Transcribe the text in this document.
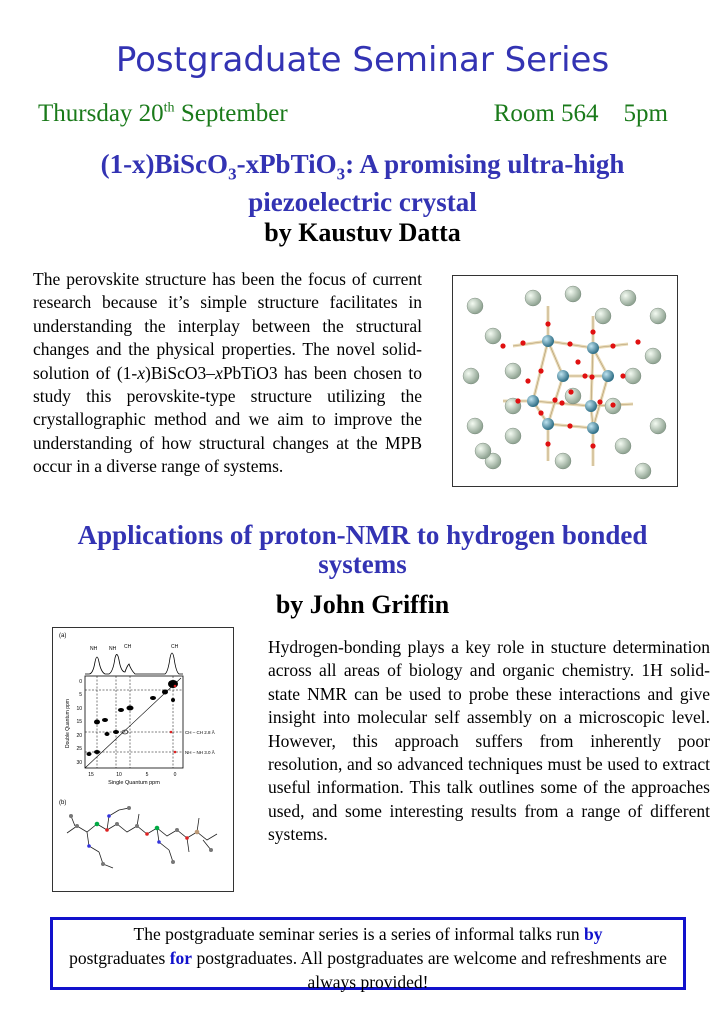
Postgraduate Seminar Series
Thursday 20th September	Room 564    5pm
(1-x)BiScO$_3$-xPbTiO$_3$: A promising ultra-high
piezoelectric crystal
by Kaustuv Datta
The perovskite structure has been the focus of current research because it’s simple structure facilitates in understanding the interplay between the structural changes and the physical properties. The novel solid-solution of (1-x)BiScO3–xPbTiO3 has been chosen to study this perovskite-type structure utilizing the crystallographic method and we aim to improve the understanding of how structural changes at the MPB occur in a diverse range of systems.
Applications of proton-NMR to hydrogen bonded
systems
by John Griffin
(a)
NH NH CH	CH
CH – CH 2.8 Å
NH – NH 3.0 Å
0
5
10
15
20
25
30
Double Quantum ppm
15	10	5	0
Single Quantum ppm
(b)
Hydrogen-bonding plays a key role in stucture determination across all areas of biology and organic chemistry. 1H solid-state NMR can be used to probe these interactions and give insight into molecular self assembly on a microscopic level. However, this approach suffers from inherently poor resolution, and so advanced techniques must be used to extract useful information. This talk outlines some of the approaches used, and some interesting results from a range of different systems.
The postgraduate seminar series is a series of informal talks run by
postgraduates for postgraduates. All postgraduates are welcome and refreshments are always provided!
